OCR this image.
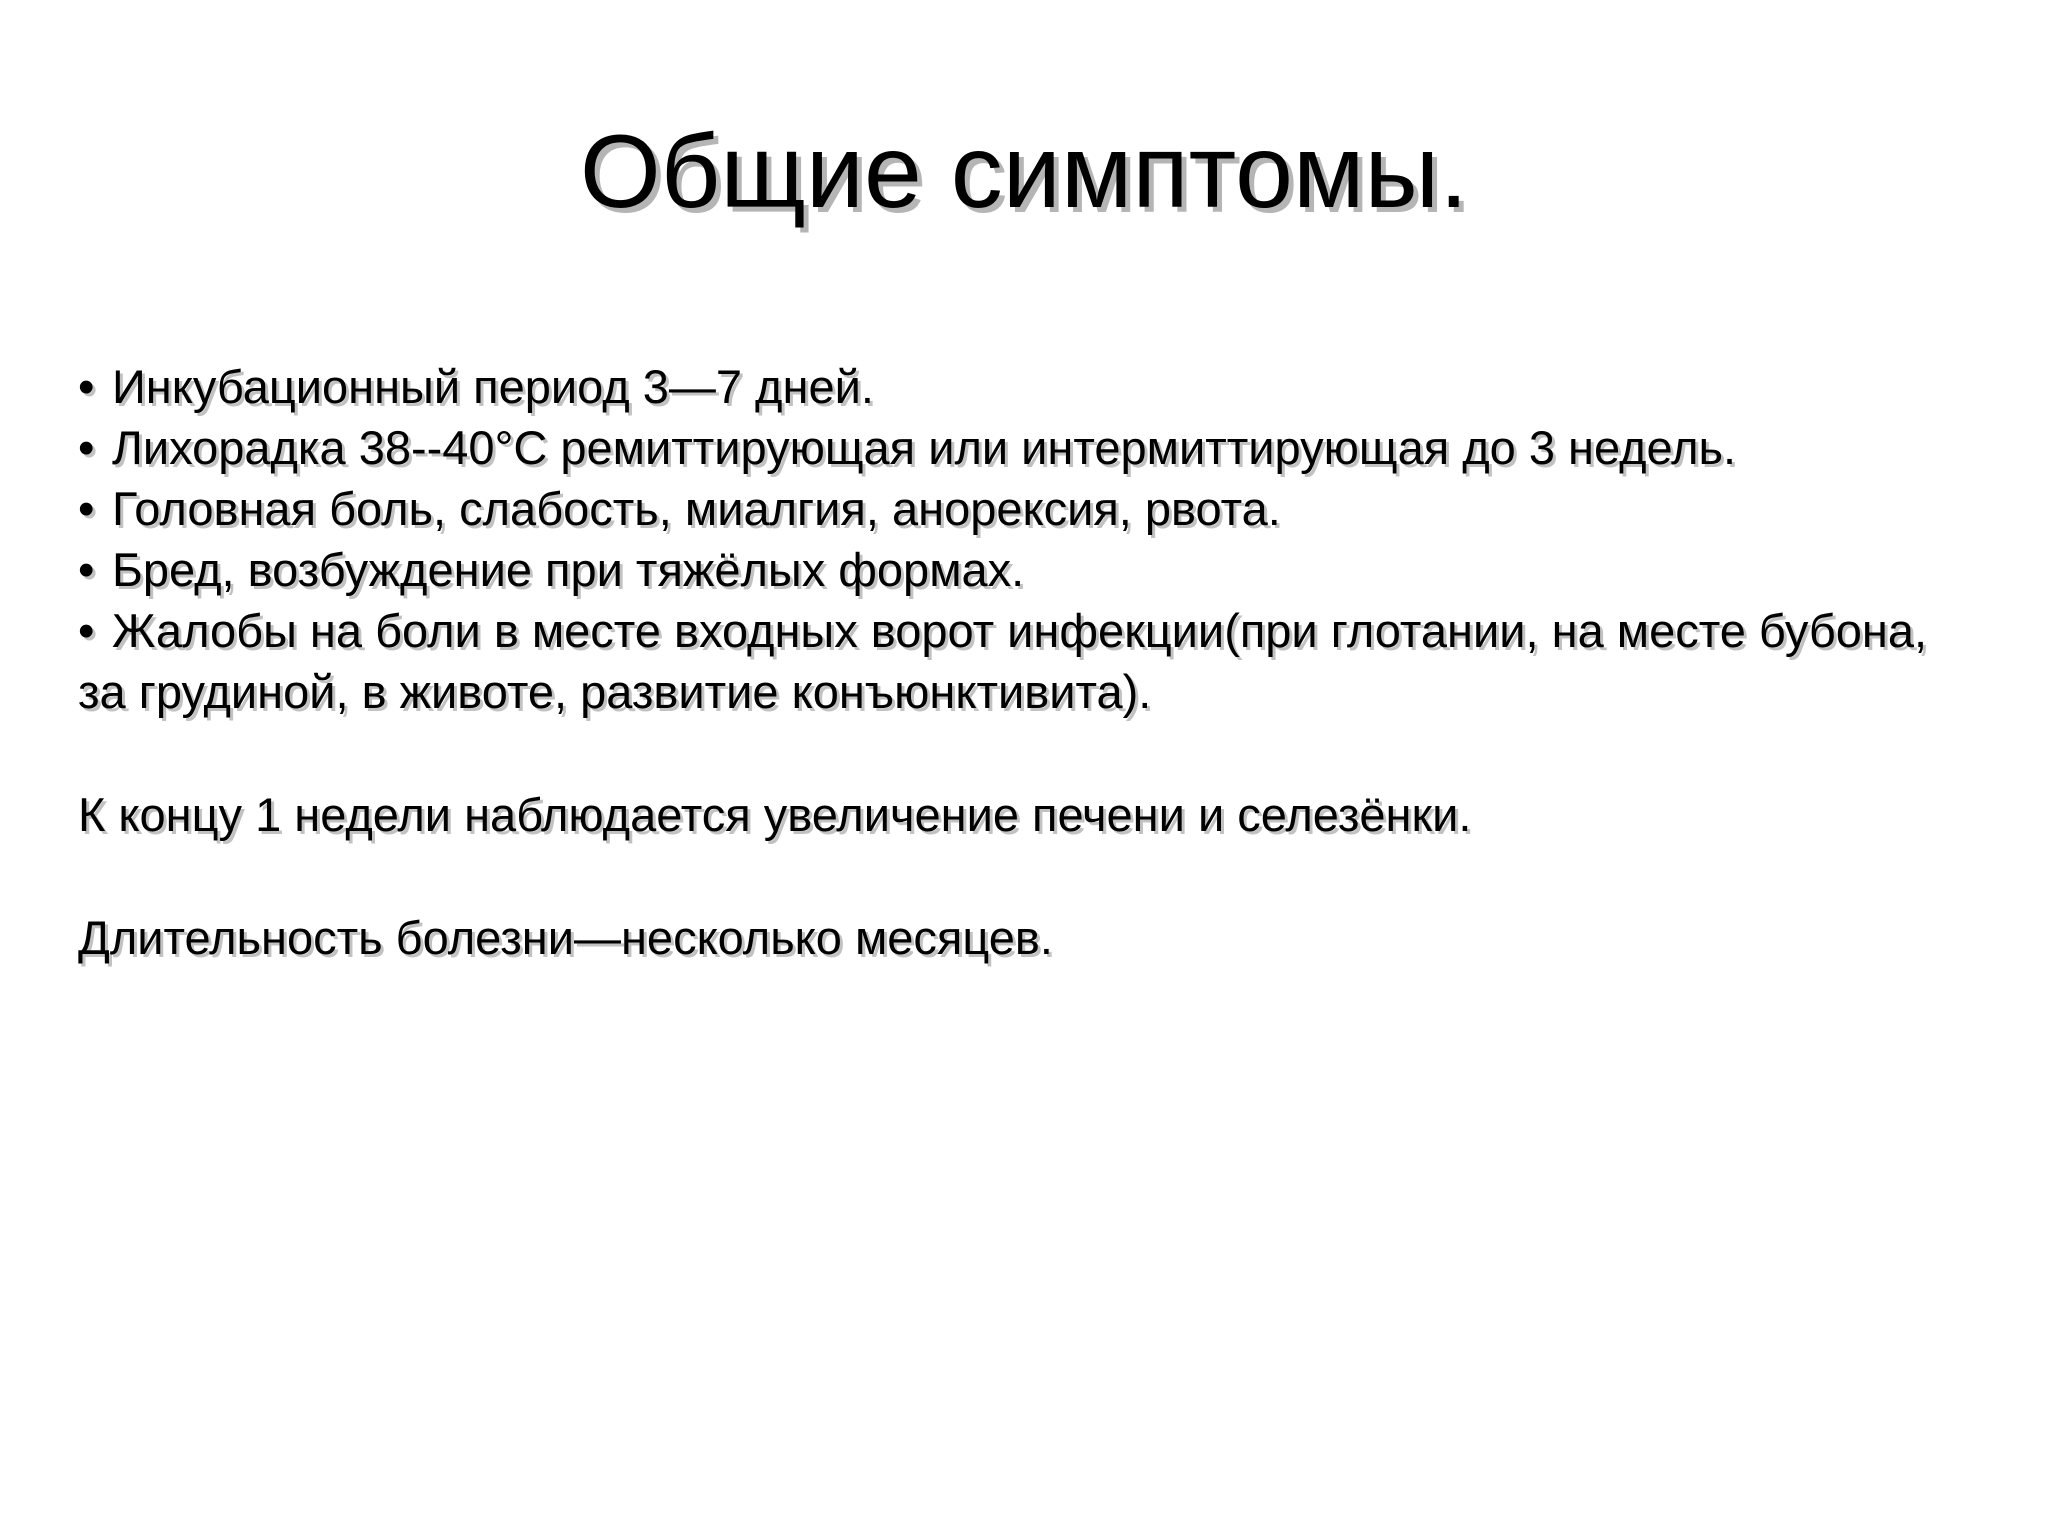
Общие симптомы.
• Инкубационный период 3—7 дней.
• Лихорадка 38--40°С ремиттирующая или интермиттирующая до 3 недель.
• Головная боль, слабость, миалгия, анорексия, рвота.
• Бред, возбуждение при тяжёлых формах.
• Жалобы на боли в месте входных ворот инфекции(при глотании, на месте бубона, за грудиной, в животе, развитие конъюнктивита).

К концу 1 недели наблюдается увеличение печени и селезёнки.

Длительность болезни—несколько месяцев.
